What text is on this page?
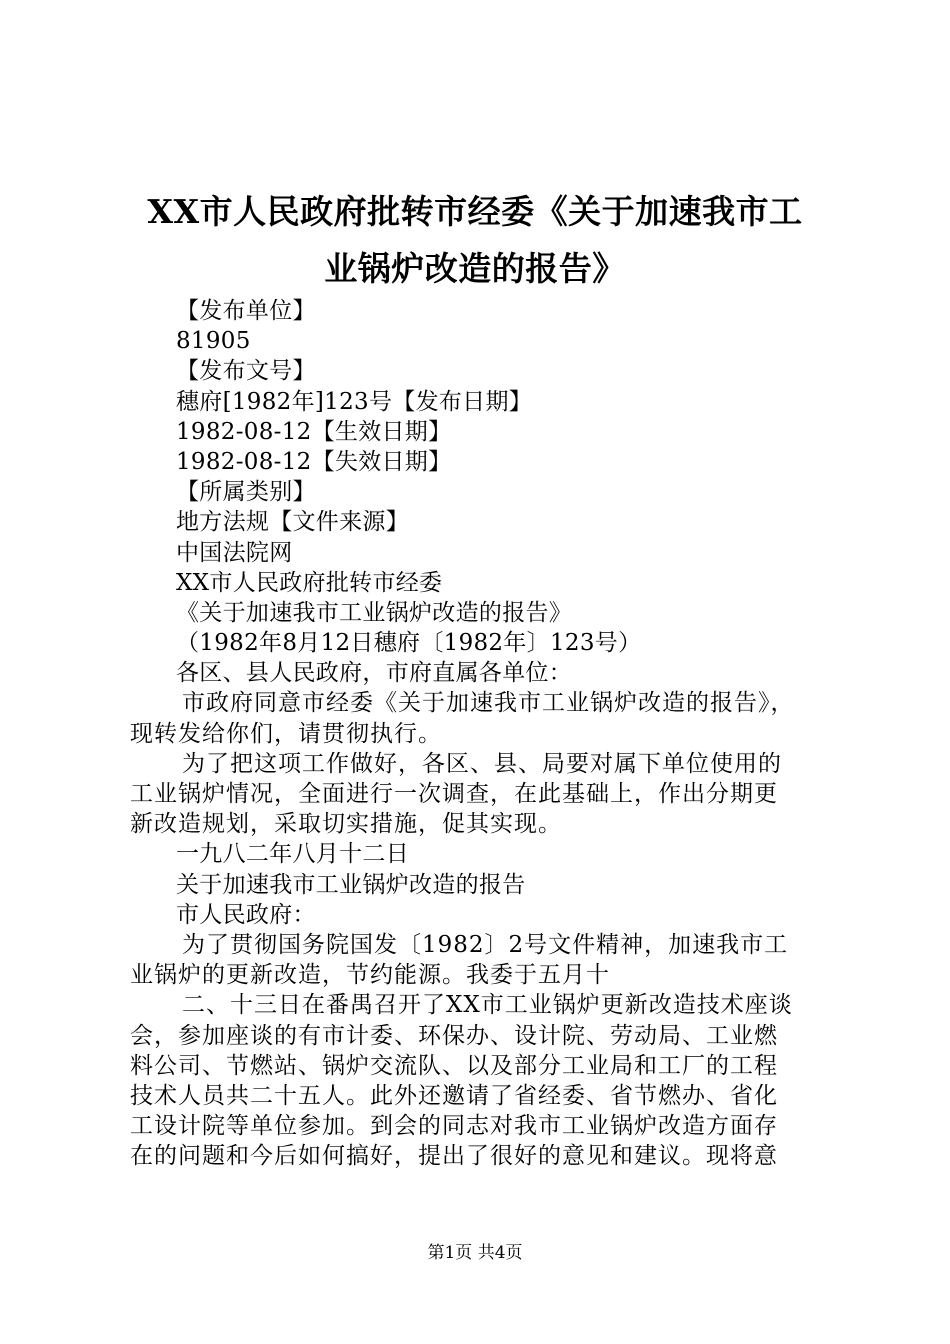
XX市人民政府批转市经委《关于加速我市工
业锅炉改造的报告》
【发布单位】
81905
【发布文号】
穗府[1982年]123号【发布日期】
1982-08-12【生效日期】
1982-08-12【失效日期】
【所属类别】
地方法规【文件来源】
中国法院网
XX市人民政府批转市经委
《关于加速我市工业锅炉改造的报告》
（1982年8月12日穗府〔1982年〕123号）
各区、县人民政府，市府直属各单位：
市政府同意市经委《关于加速我市工业锅炉改造的报告》，
现转发给你们，请贯彻执行。
为了把这项工作做好，各区、县、局要对属下单位使用的
工业锅炉情况，全面进行一次调查，在此基础上，作出分期更
新改造规划，采取切实措施，促其实现。
一九八二年八月十二日
关于加速我市工业锅炉改造的报告
市人民政府：
为了贯彻国务院国发〔1982〕2号文件精神，加速我市工
业锅炉的更新改造，节约能源。我委于五月十
二、十三日在番禺召开了XX市工业锅炉更新改造技术座谈
会，参加座谈的有市计委、环保办、设计院、劳动局、工业燃
料公司、节燃站、锅炉交流队、以及部分工业局和工厂的工程
技术人员共二十五人。此外还邀请了省经委、省节燃办、省化
工设计院等单位参加。到会的同志对我市工业锅炉改造方面存
在的问题和今后如何搞好，提出了很好的意见和建议。现将意
第1页 共4页
